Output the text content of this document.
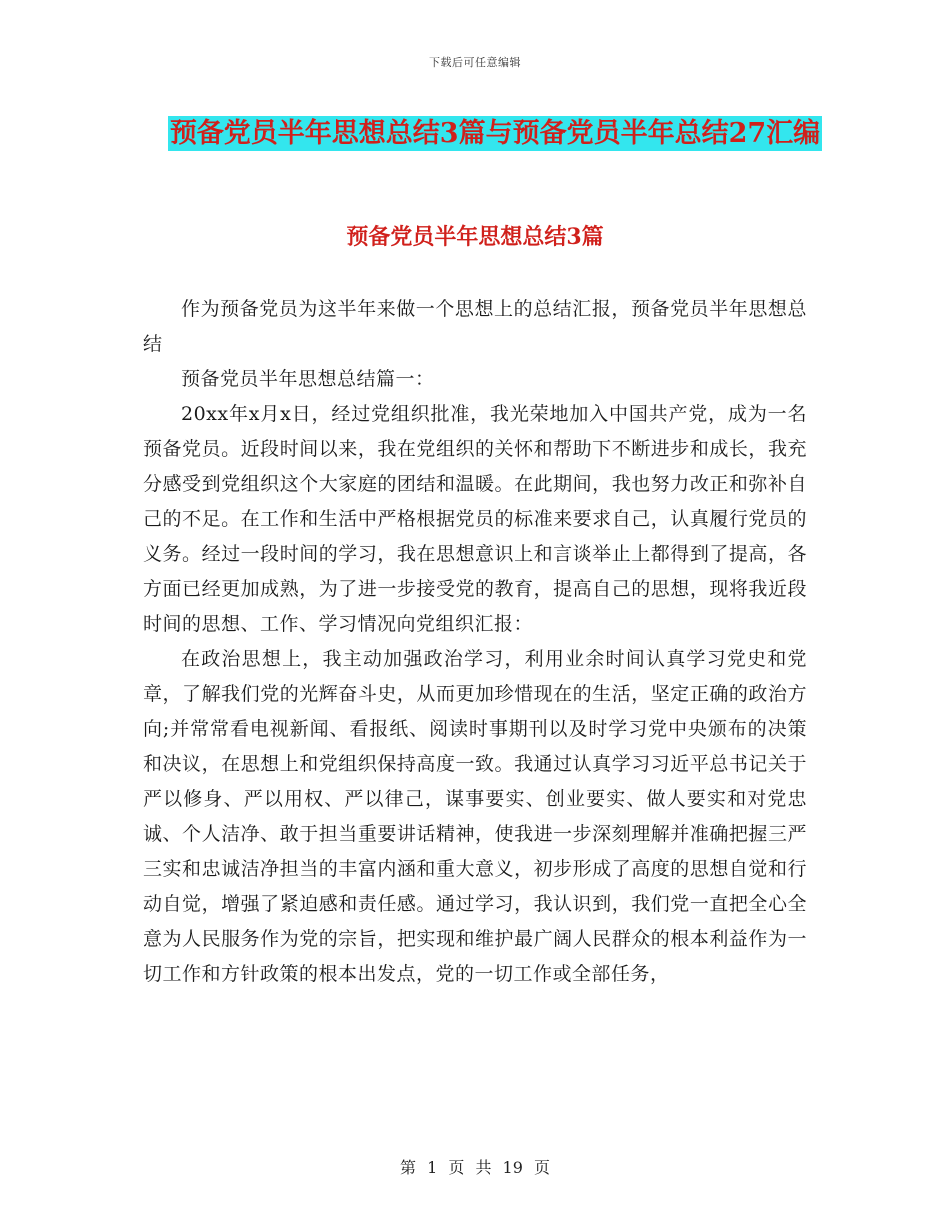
下载后可任意编辑
预备党员半年思想总结3篇与预备党员半年总结27汇编
预备党员半年思想总结3篇

作为预备党员为这半年来做一个思想上的总结汇报，预备党员半年思想总结

预备党员半年思想总结篇一：

20xx年x月x日，经过党组织批准，我光荣地加入中国共产党，成为一名预备党员。近段时间以来，我在党组织的关怀和帮助下不断进步和成长，我充分感受到党组织这个大家庭的团结和温暖。在此期间，我也努力改正和弥补自己的不足。在工作和生活中严格根据党员的标准来要求自己，认真履行党员的义务。经过一段时间的学习，我在思想意识上和言谈举止上都得到了提高，各方面已经更加成熟，为了进一步接受党的教育，提高自己的思想，现将我近段时间的思想、工作、学习情况向党组织汇报：

在政治思想上，我主动加强政治学习，利用业余时间认真学习党史和党章，了解我们党的光辉奋斗史，从而更加珍惜现在的生活，坚定正确的政治方向;并常常看电视新闻、看报纸、阅读时事期刊以及时学习党中央颁布的决策和决议，在思想上和党组织保持高度一致。我通过认真学习习近平总书记关于严以修身、严以用权、严以律己，谋事要实、创业要实、做人要实和对党忠诚、个人洁净、敢于担当重要讲话精神，使我进一步深刻理解并准确把握三严三实和忠诚洁净担当的丰富内涵和重大意义，初步形成了高度的思想自觉和行动自觉，增强了紧迫感和责任感。通过学习，我认识到，我们党一直把全心全意为人民服务作为党的宗旨，把实现和维护最广阔人民群众的根本利益作为一切工作和方针政策的根本出发点，党的一切工作或全部任务，

第 1 页 共 19 页
